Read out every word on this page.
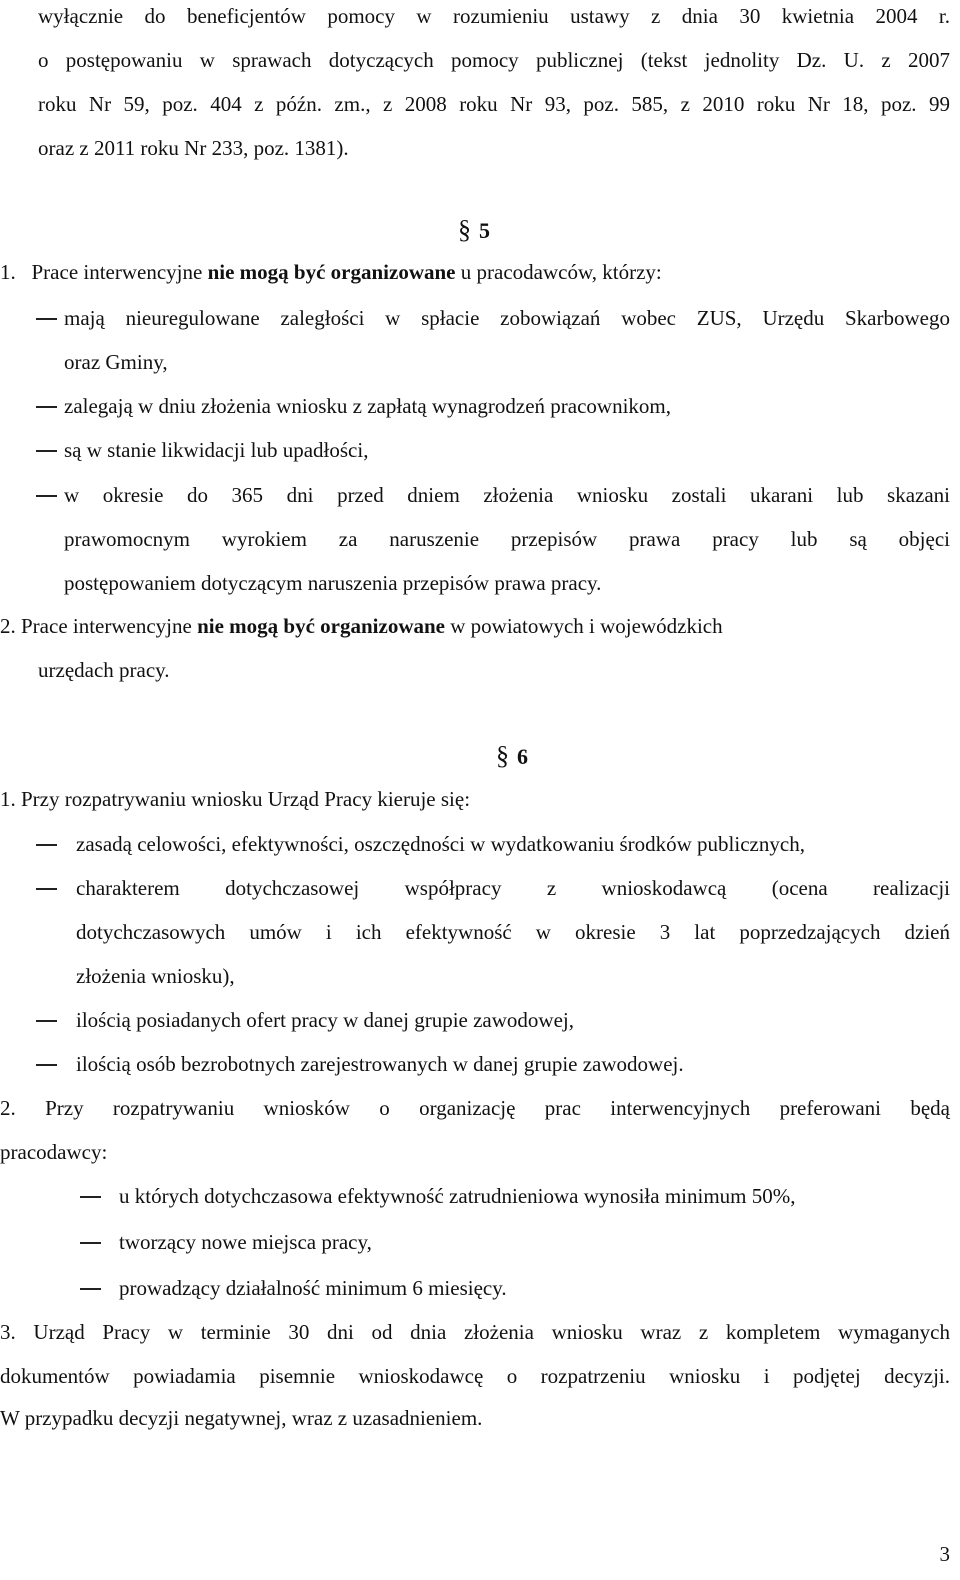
wyłącznie do beneficjentów pomocy w rozumieniu ustawy z dnia 30 kwietnia 2004 r.
o postępowaniu w sprawach dotyczących pomocy publicznej (tekst jednolity Dz. U. z 2007
roku Nr 59, poz. 404 z późn. zm., z 2008 roku Nr 93, poz. 585, z 2010 roku Nr 18, poz. 99
oraz z 2011 roku Nr 233, poz. 1381).
§ 5
1. Prace interwencyjne nie mogą być organizowane u pracodawców, którzy:
mają nieuregulowane zaległości w spłacie zobowiązań wobec ZUS, Urzędu Skarbowego
oraz Gminy,
zalegają w dniu złożenia wniosku z zapłatą wynagrodzeń pracownikom,
są w stanie likwidacji lub upadłości,
w okresie do 365 dni przed dniem złożenia wniosku zostali ukarani lub skazani
prawomocnym wyrokiem za naruszenie przepisów prawa pracy lub są objęci
postępowaniem dotyczącym naruszenia przepisów prawa pracy.
2. Prace interwencyjne nie mogą być organizowane w powiatowych i wojewódzkich
urzędach pracy.
§ 6
1. Przy rozpatrywaniu wniosku Urząd Pracy kieruje się:
zasadą celowości, efektywności, oszczędności w wydatkowaniu środków publicznych,
charakterem dotychczasowej współpracy z wnioskodawcą (ocena realizacji
dotychczasowych umów i ich efektywność w okresie 3 lat poprzedzających dzień
złożenia wniosku),
ilością posiadanych ofert pracy w danej grupie zawodowej,
ilością osób bezrobotnych zarejestrowanych w danej grupie zawodowej.
2. Przy rozpatrywaniu wniosków o organizację prac interwencyjnych preferowani będą
pracodawcy:
u których dotychczasowa efektywność zatrudnieniowa wynosiła minimum 50%,
tworzący nowe miejsca pracy,
prowadzący działalność minimum 6 miesięcy.
3. Urząd Pracy w terminie 30 dni od dnia złożenia wniosku wraz z kompletem wymaganych
dokumentów powiadamia pisemnie wnioskodawcę o rozpatrzeniu wniosku i podjętej decyzji.
W przypadku decyzji negatywnej, wraz z uzasadnieniem.
3
